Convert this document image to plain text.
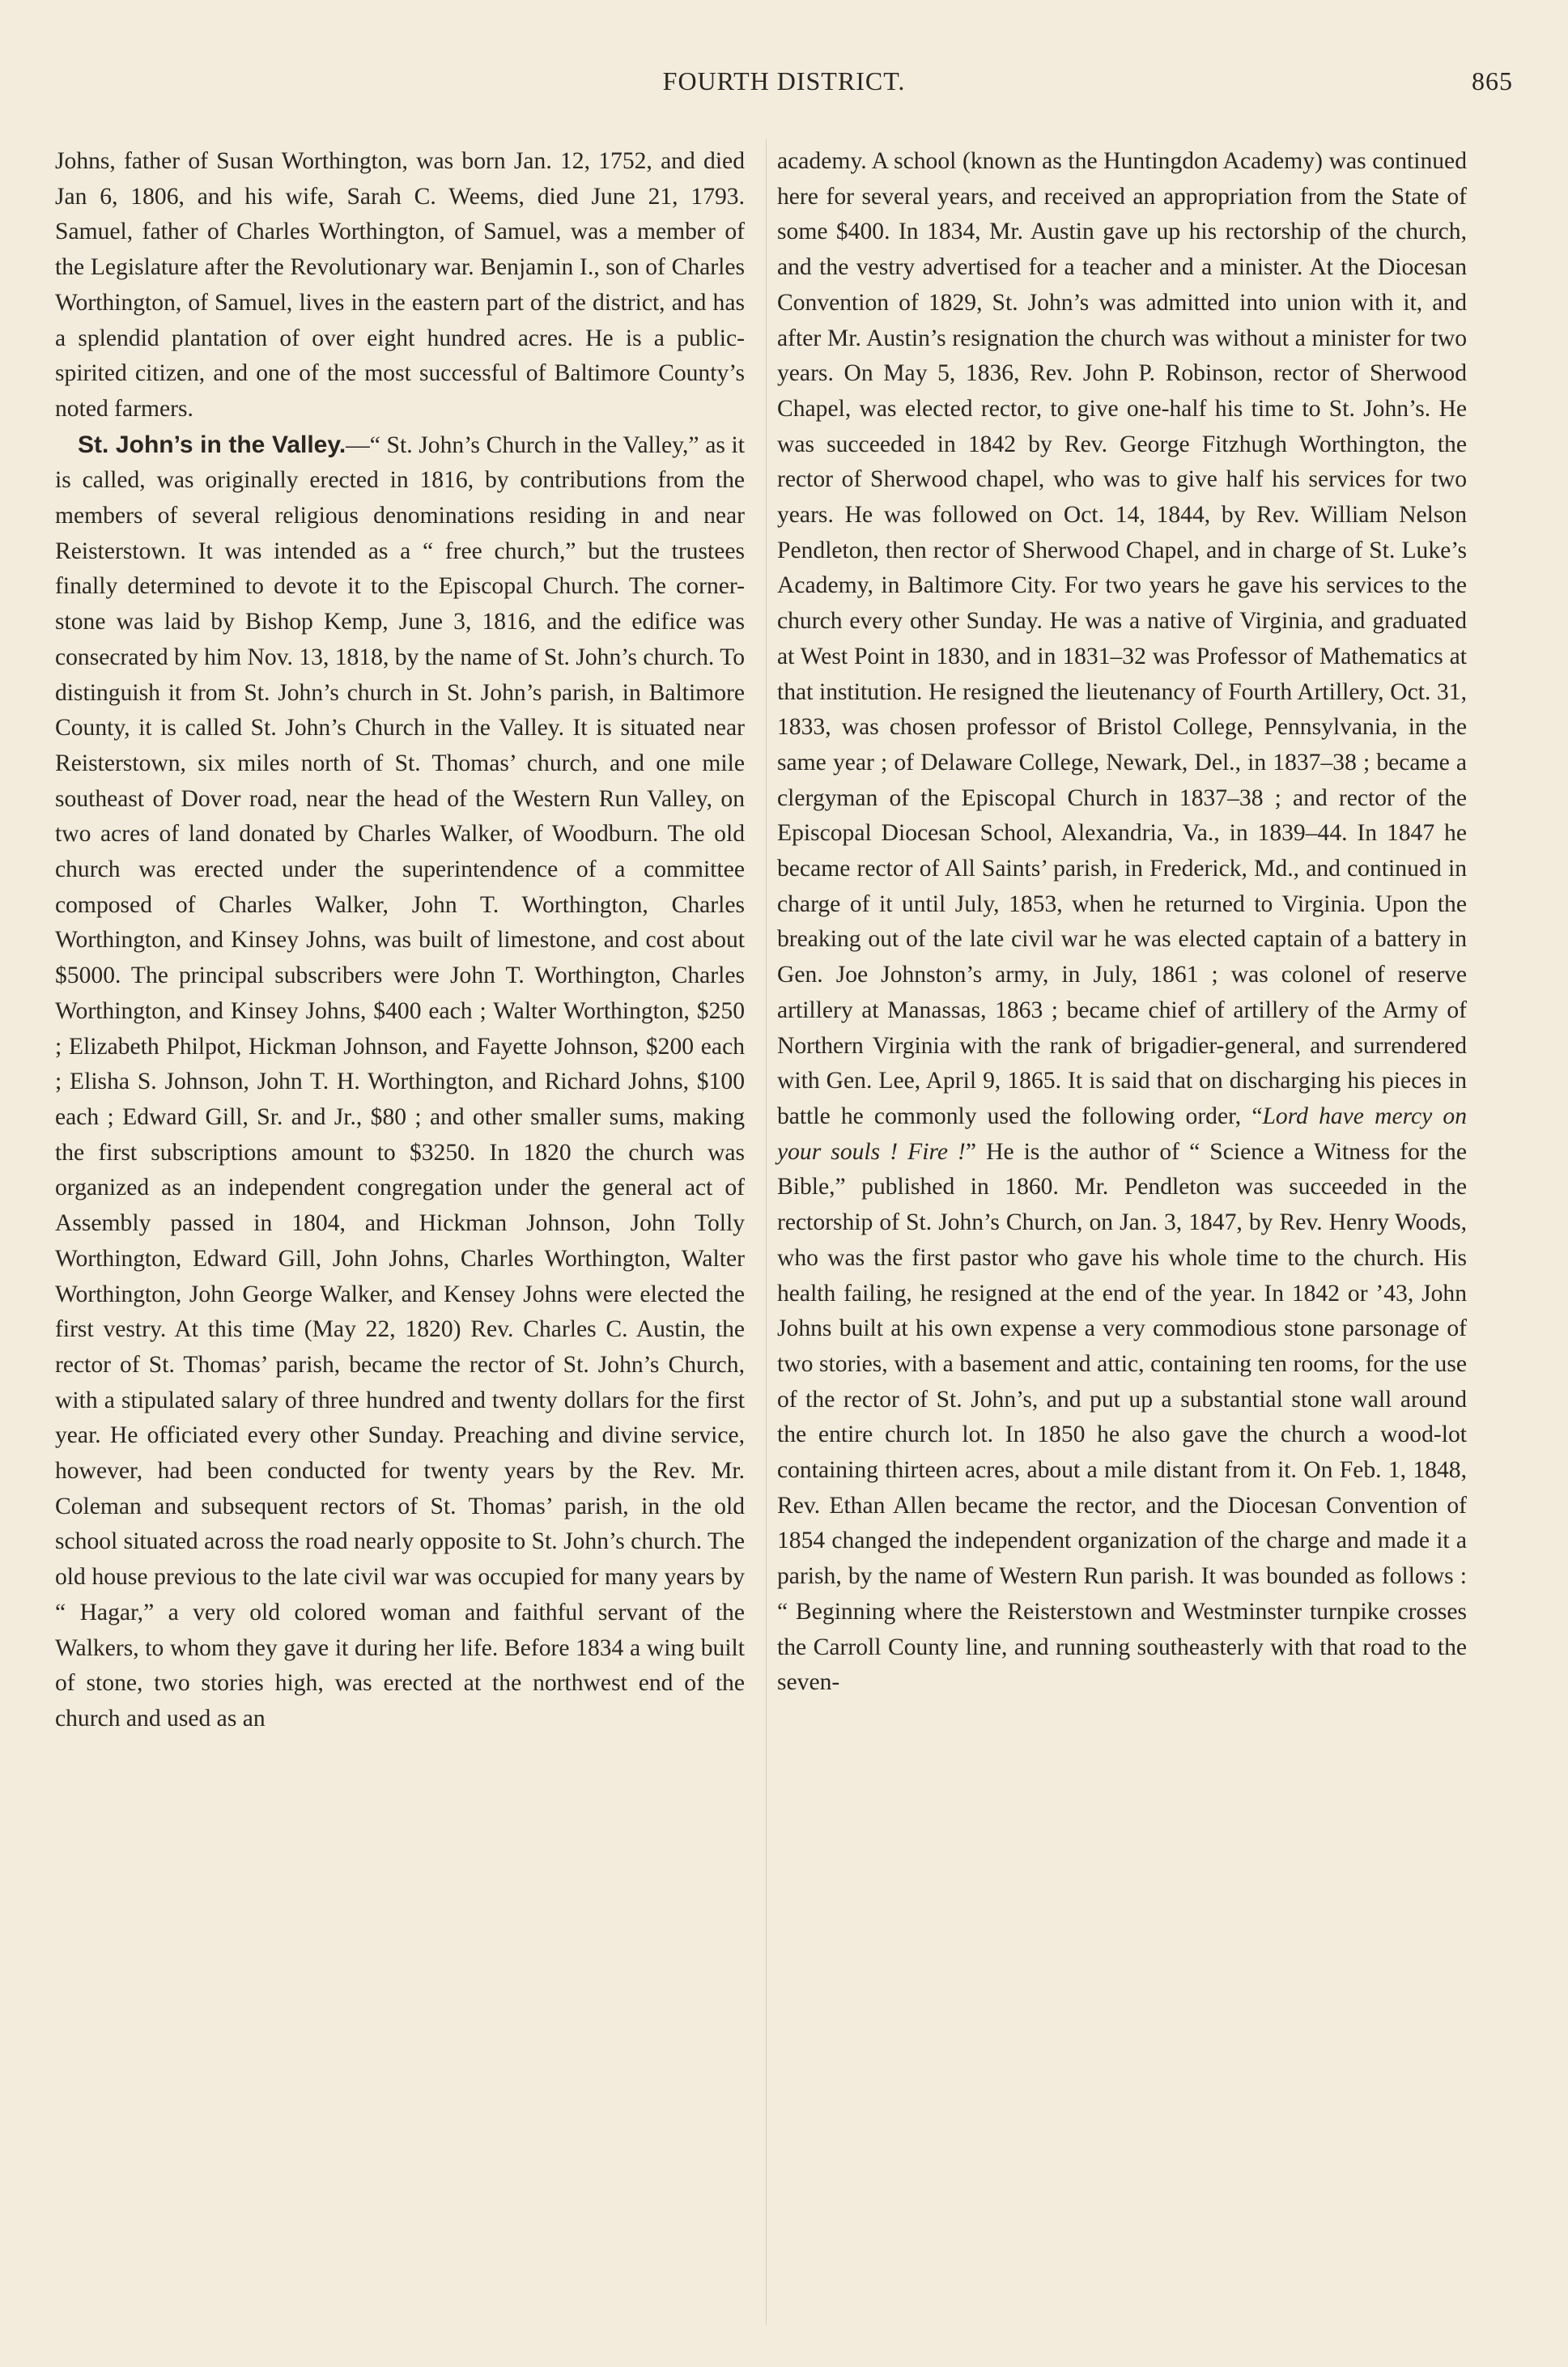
FOURTH DISTRICT.	865

Johns, father of Susan Worthington, was born Jan. 12, 1752, and died Jan 6, 1806, and his wife, Sarah C. Weems, died June 21, 1793. Samuel, father of Charles Worthington, of Samuel, was a member of the Legislature after the Revolutionary war. Benjamin I., son of Charles Worthington, of Samuel, lives in the eastern part of the district, and has a splendid plantation of over eight hundred acres. He is a public-spirited citizen, and one of the most successful of Baltimore County’s noted farmers.

St. John’s in the Valley.—“ St. John’s Church in the Valley,” as it is called, was originally erected in 1816, by contributions from the members of several religious denominations residing in and near Reisterstown. It was intended as a “ free church,” but the trustees finally determined to devote it to the Episcopal Church. The corner-stone was laid by Bishop Kemp, June 3, 1816, and the edifice was consecrated by him Nov. 13, 1818, by the name of St. John’s church. To distinguish it from St. John’s church in St. John’s parish, in Baltimore County, it is called St. John’s Church in the Valley. It is situated near Reisterstown, six miles north of St. Thomas’ church, and one mile southeast of Dover road, near the head of the Western Run Valley, on two acres of land donated by Charles Walker, of Woodburn. The old church was erected under the superintendence of a committee composed of Charles Walker, John T. Worthington, Charles Worthington, and Kinsey Johns, was built of limestone, and cost about $5000. The principal subscribers were John T. Worthington, Charles Worthington, and Kinsey Johns, $400 each ; Walter Worthington, $250 ; Elizabeth Philpot, Hickman Johnson, and Fayette Johnson, $200 each ; Elisha S. Johnson, John T. H. Worthington, and Richard Johns, $100 each ; Edward Gill, Sr. and Jr., $80 ; and other smaller sums, making the first subscriptions amount to $3250. In 1820 the church was organized as an independent congregation under the general act of Assembly passed in 1804, and Hickman Johnson, John Tolly Worthington, Edward Gill, John Johns, Charles Worthington, Walter Worthington, John George Walker, and Kensey Johns were elected the first vestry. At this time (May 22, 1820) Rev. Charles C. Austin, the rector of St. Thomas’ parish, became the rector of St. John’s Church, with a stipulated salary of three hundred and twenty dollars for the first year. He officiated every other Sunday. Preaching and divine service, however, had been conducted for twenty years by the Rev. Mr. Coleman and subsequent rectors of St. Thomas’ parish, in the old school situated across the road nearly opposite to St. John’s church. The old house previous to the late civil war was occupied for many years by “ Hagar,” a very old colored woman and faithful servant of the Walkers, to whom they gave it during her life. Before 1834 a wing built of stone, two stories high, was erected at the northwest end of the church and used as an

academy. A school (known as the Huntingdon Academy) was continued here for several years, and received an appropriation from the State of some $400. In 1834, Mr. Austin gave up his rectorship of the church, and the vestry advertised for a teacher and a minister. At the Diocesan Convention of 1829, St. John’s was admitted into union with it, and after Mr. Austin’s resignation the church was without a minister for two years. On May 5, 1836, Rev. John P. Robinson, rector of Sherwood Chapel, was elected rector, to give one-half his time to St. John’s. He was succeeded in 1842 by Rev. George Fitzhugh Worthington, the rector of Sherwood chapel, who was to give half his services for two years. He was followed on Oct. 14, 1844, by Rev. William Nelson Pendleton, then rector of Sherwood Chapel, and in charge of St. Luke’s Academy, in Baltimore City. For two years he gave his services to the church every other Sunday. He was a native of Virginia, and graduated at West Point in 1830, and in 1831–32 was Professor of Mathematics at that institution. He resigned the lieutenancy of Fourth Artillery, Oct. 31, 1833, was chosen professor of Bristol College, Pennsylvania, in the same year ; of Delaware College, Newark, Del., in 1837–38 ; became a clergyman of the Episcopal Church in 1837–38 ; and rector of the Episcopal Diocesan School, Alexandria, Va., in 1839–44. In 1847 he became rector of All Saints’ parish, in Frederick, Md., and continued in charge of it until July, 1853, when he returned to Virginia. Upon the breaking out of the late civil war he was elected captain of a battery in Gen. Joe Johnston’s army, in July, 1861 ; was colonel of reserve artillery at Manassas, 1863 ; became chief of artillery of the Army of Northern Virginia with the rank of brigadier-general, and surrendered with Gen. Lee, April 9, 1865. It is said that on discharging his pieces in battle he commonly used the following order, “Lord have mercy on your souls ! Fire !” He is the author of “ Science a Witness for the Bible,” published in 1860. Mr. Pendleton was succeeded in the rectorship of St. John’s Church, on Jan. 3, 1847, by Rev. Henry Woods, who was the first pastor who gave his whole time to the church. His health failing, he resigned at the end of the year. In 1842 or ’43, John Johns built at his own expense a very commodious stone parsonage of two stories, with a basement and attic, containing ten rooms, for the use of the rector of St. John’s, and put up a substantial stone wall around the entire church lot. In 1850 he also gave the church a wood-lot containing thirteen acres, about a mile distant from it. On Feb. 1, 1848, Rev. Ethan Allen became the rector, and the Diocesan Convention of 1854 changed the independent organization of the charge and made it a parish, by the name of Western Run parish. It was bounded as follows : “ Beginning where the Reisterstown and Westminster turnpike crosses the Carroll County line, and running southeasterly with that road to the seven-
